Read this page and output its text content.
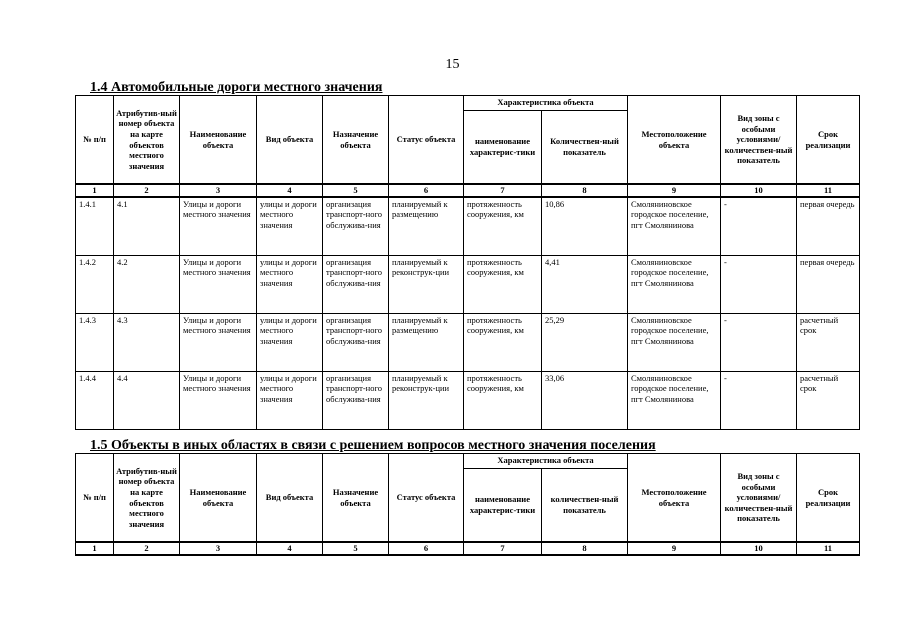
15
1.4 Автомобильные дороги местного значения
№ п/п	Атрибутив-ный номер объекта на карте объектов местного значения	Наименование объекта	Вид объекта	Назначение объекта	Статус объекта	Характеристика объекта		Местоположение объекта	Вид зоны с особыми условиями/ количествен-ный показатель	Срок реализации
						наименование характерис-тики	Количествен-ный показатель			
1	2	3	4	5	6	7	8	9	10	11
1.4.1	4.1	Улицы и дороги местного значения	улицы и дороги местного значения	организация транспорт-ного обслужива-ния	планируемый к размещению	протяженность сооружения, км	10,86	Смоляниновское городское поселение, пгт Смолянинова	-	первая очередь
1.4.2	4.2	Улицы и дороги местного значения	улицы и дороги местного значения	организация транспорт-ного обслужива-ния	планируемый к реконструк-ции	протяженность сооружения, км	4,41	Смоляниновское городское поселение, пгт Смолянинова	-	первая очередь
1.4.3	4.3	Улицы и дороги местного значения	улицы и дороги местного значения	организация транспорт-ного обслужива-ния	планируемый к размещению	протяженность сооружения, км	25,29	Смоляниновское городское поселение, пгт Смолянинова	-	расчетный срок
1.4.4	4.4	Улицы и дороги местного значения	улицы и дороги местного значения	организация транспорт-ного обслужива-ния	планируемый к реконструк-ции	протяженность сооружения, км	33,06	Смоляниновское городское поселение, пгт Смолянинова	-	расчетный срок
1.5 Объекты в иных областях в связи с решением вопросов местного значения поселения
№ п/п	Атрибутив-ный номер объекта на карте объектов местного значения	Наименование объекта	Вид объекта	Назначение объекта	Статус объекта	Характеристика объекта		Местоположение объекта	Вид зоны с особыми условиями/ количествен-ный показатель	Срок реализации
						наименование характерис-тики	количествен-ный показатель			
1	2	3	4	5	6	7	8	9	10	11
